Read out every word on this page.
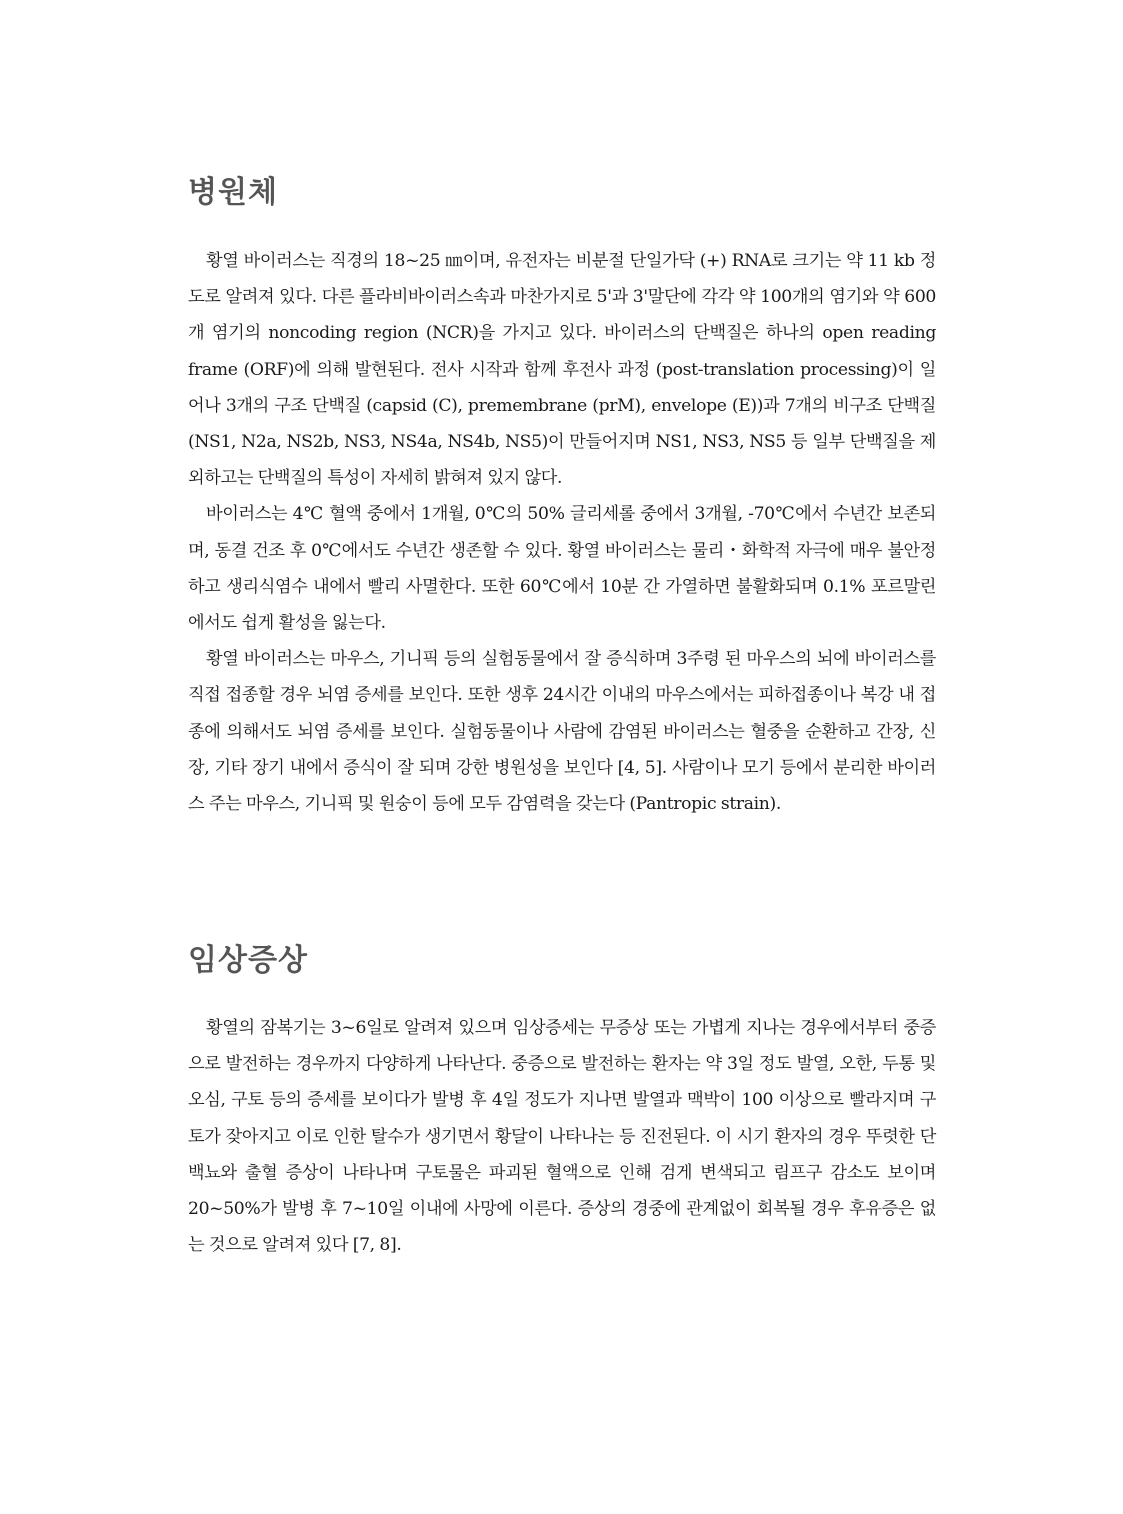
병원체

황열 바이러스는 직경의 18~25 ㎚이며, 유전자는 비분절 단일가닥 (+) RNA로 크기는 약 11 kb 정도로 알려져 있다. 다른 플라비바이러스속과 마찬가지로 5'과 3'말단에 각각 약 100개의 염기와 약 600개 염기의 noncoding region (NCR)을 가지고 있다. 바이러스의 단백질은 하나의 open reading frame (ORF)에 의해 발현된다. 전사 시작과 함께 후전사 과정 (post-translation processing)이 일어나 3개의 구조 단백질 (capsid (C), premembrane (prM), envelope (E))과 7개의 비구조 단백질 (NS1, N2a, NS2b, NS3, NS4a, NS4b, NS5)이 만들어지며 NS1, NS3, NS5 등 일부 단백질을 제외하고는 단백질의 특성이 자세히 밝혀져 있지 않다.

바이러스는 4℃ 혈액 중에서 1개월, 0℃의 50% 글리세롤 중에서 3개월, -70℃에서 수년간 보존되며, 동결 건조 후 0℃에서도 수년간 생존할 수 있다. 황열 바이러스는 물리・화학적 자극에 매우 불안정하고 생리식염수 내에서 빨리 사멸한다. 또한 60℃에서 10분 간 가열하면 불활화되며 0.1% 포르말린에서도 쉽게 활성을 잃는다.

황열 바이러스는 마우스, 기니픽 등의 실험동물에서 잘 증식하며 3주령 된 마우스의 뇌에 바이러스를 직접 접종할 경우 뇌염 증세를 보인다. 또한 생후 24시간 이내의 마우스에서는 피하접종이나 복강 내 접종에 의해서도 뇌염 증세를 보인다. 실험동물이나 사람에 감염된 바이러스는 혈중을 순환하고 간장, 신장, 기타 장기 내에서 증식이 잘 되며 강한 병원성을 보인다 [4, 5]. 사람이나 모기 등에서 분리한 바이러스 주는 마우스, 기니픽 및 원숭이 등에 모두 감염력을 갖는다 (Pantropic strain).

임상증상

황열의 잠복기는 3~6일로 알려져 있으며 임상증세는 무증상 또는 가볍게 지나는 경우에서부터 중증으로 발전하는 경우까지 다양하게 나타난다. 중증으로 발전하는 환자는 약 3일 정도 발열, 오한, 두통 및 오심, 구토 등의 증세를 보이다가 발병 후 4일 정도가 지나면 발열과 맥박이 100 이상으로 빨라지며 구토가 잦아지고 이로 인한 탈수가 생기면서 황달이 나타나는 등 진전된다. 이 시기 환자의 경우 뚜렷한 단백뇨와 출혈 증상이 나타나며 구토물은 파괴된 혈액으로 인해 검게 변색되고 림프구 감소도 보이며 20~50%가 발병 후 7~10일 이내에 사망에 이른다. 증상의 경중에 관계없이 회복될 경우 후유증은 없는 것으로 알려져 있다 [7, 8].
